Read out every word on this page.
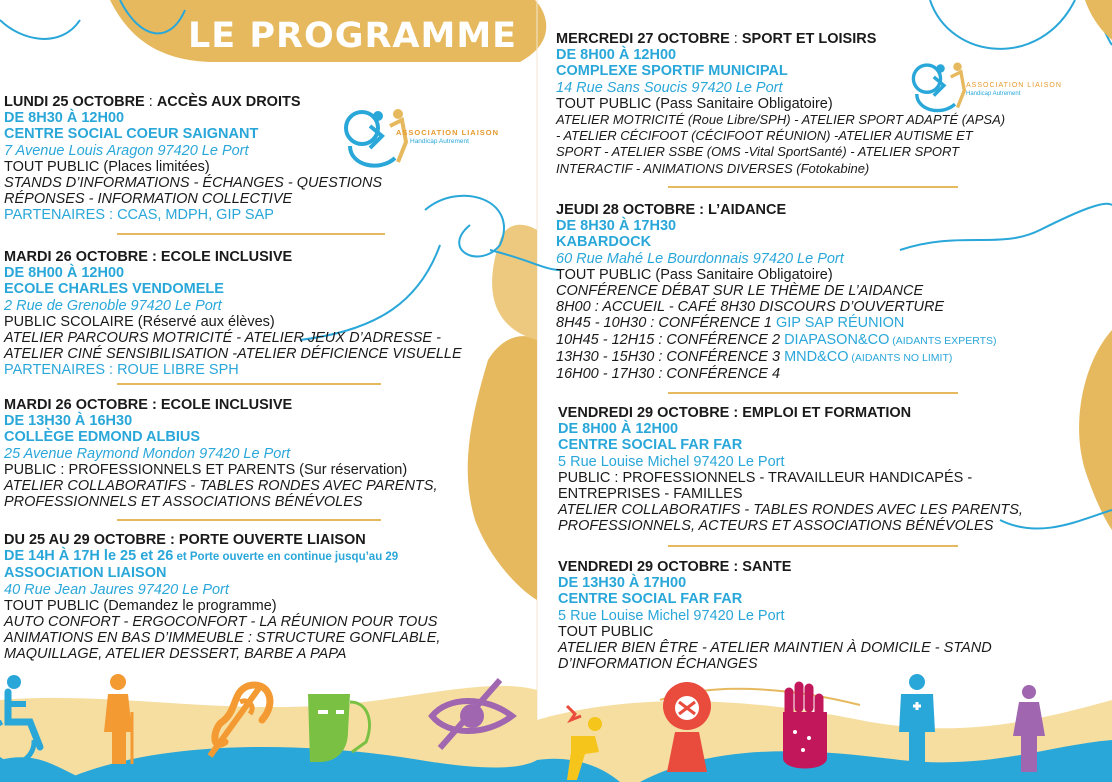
LE PROGRAMME
ASSOCIATION LIAISON
Handicap Autrement
ASSOCIATION LIAISON
Handicap Autrement
LUNDI 25 OCTOBRE : ACCÈS AUX DROITS
DE 8H30 À 12H00
CENTRE SOCIAL COEUR SAIGNANT
7 Avenue Louis Aragon 97420 Le Port
TOUT PUBLIC (Places limitées)
STANDS D’INFORMATIONS - ÉCHANGES - QUESTIONS
RÉPONSES - INFORMATION COLLECTIVE
PARTENAIRES : CCAS, MDPH, GIP SAP
MARDI 26 OCTOBRE : ECOLE INCLUSIVE
DE 8H00 À 12H00
ECOLE CHARLES VENDOMELE
2 Rue de Grenoble 97420 Le Port
PUBLIC SCOLAIRE (Réservé aux élèves)
ATELIER PARCOURS MOTRICITÉ - ATELIER JEUX D’ADRESSE -
ATELIER CINÉ SENSIBILISATION -ATELIER DÉFICIENCE VISUELLE
PARTENAIRES : ROUE LIBRE SPH
MARDI 26 OCTOBRE : ECOLE INCLUSIVE
DE 13H30 À 16H30
COLLÈGE EDMOND ALBIUS
25 Avenue Raymond Mondon 97420 Le Port
PUBLIC : PROFESSIONNELS ET PARENTS (Sur réservation)
ATELIER COLLABORATIFS - TABLES RONDES AVEC PARENTS,
PROFESSIONNELS ET ASSOCIATIONS BÉNÉVOLES
DU 25 AU 29 OCTOBRE : PORTE OUVERTE LIAISON
DE 14H À 17H le 25 et 26 et Porte ouverte en continue jusqu’au 29
ASSOCIATION LIAISON
40 Rue Jean Jaures 97420 Le Port
TOUT PUBLIC (Demandez le programme)
AUTO CONFORT - ERGOCONFORT - LA RÉUNION POUR TOUS
ANIMATIONS EN BAS D’IMMEUBLE : STRUCTURE GONFLABLE,
MAQUILLAGE, ATELIER DESSERT, BARBE A PAPA
MERCREDI 27 OCTOBRE : SPORT ET LOISIRS
DE 8H00 À 12H00
COMPLEXE SPORTIF MUNICIPAL
14 Rue Sans Soucis 97420 Le Port
TOUT PUBLIC (Pass Sanitaire Obligatoire)
ATELIER MOTRICITÉ (Roue Libre/SPH) - ATELIER SPORT ADAPTÉ (APSA)
- ATELIER CÉCIFOOT (CÉCIFOOT RÉUNION) -ATELIER AUTISME ET
SPORT - ATELIER SSBE (OMS -Vital SportSanté) - ATELIER SPORT
INTERACTIF - ANIMATIONS DIVERSES (Fotokabine)
JEUDI 28 OCTOBRE : L’AIDANCE
DE 8H30 À 17H30
KABARDOCK
60 Rue Mahé Le Bourdonnais 97420 Le Port
TOUT PUBLIC (Pass Sanitaire Obligatoire)
CONFÉRENCE DÉBAT SUR LE THÈME DE L’AIDANCE
8H00 : ACCUEIL - CAFÉ 8H30 DISCOURS D’OUVERTURE
8H45 - 10H30 : CONFÉRENCE 1 GIP SAP RÉUNION
10H45 - 12H15 : CONFÉRENCE 2 DIAPASON&CO (AIDANTS EXPERTS)
13H30 - 15H30 : CONFÉRENCE 3 MND&CO (AIDANTS NO LIMIT)
16H00 - 17H30 : CONFÉRENCE 4
VENDREDI 29 OCTOBRE : EMPLOI ET FORMATION
DE 8H00 À 12H00
CENTRE SOCIAL FAR FAR
5 Rue Louise Michel 97420 Le Port
PUBLIC : PROFESSIONNELS - TRAVAILLEUR HANDICAPÉS -
ENTREPRISES - FAMILLES
ATELIER COLLABORATIFS - TABLES RONDES AVEC LES PARENTS,
PROFESSIONNELS, ACTEURS ET ASSOCIATIONS BÉNÉVOLES
VENDREDI 29 OCTOBRE : SANTE
DE 13H30 À 17H00
CENTRE SOCIAL FAR FAR
5 Rue Louise Michel 97420 Le Port
TOUT PUBLIC
ATELIER BIEN ÊTRE - ATELIER MAINTIEN À DOMICILE - STAND
D’INFORMATION ÉCHANGES
